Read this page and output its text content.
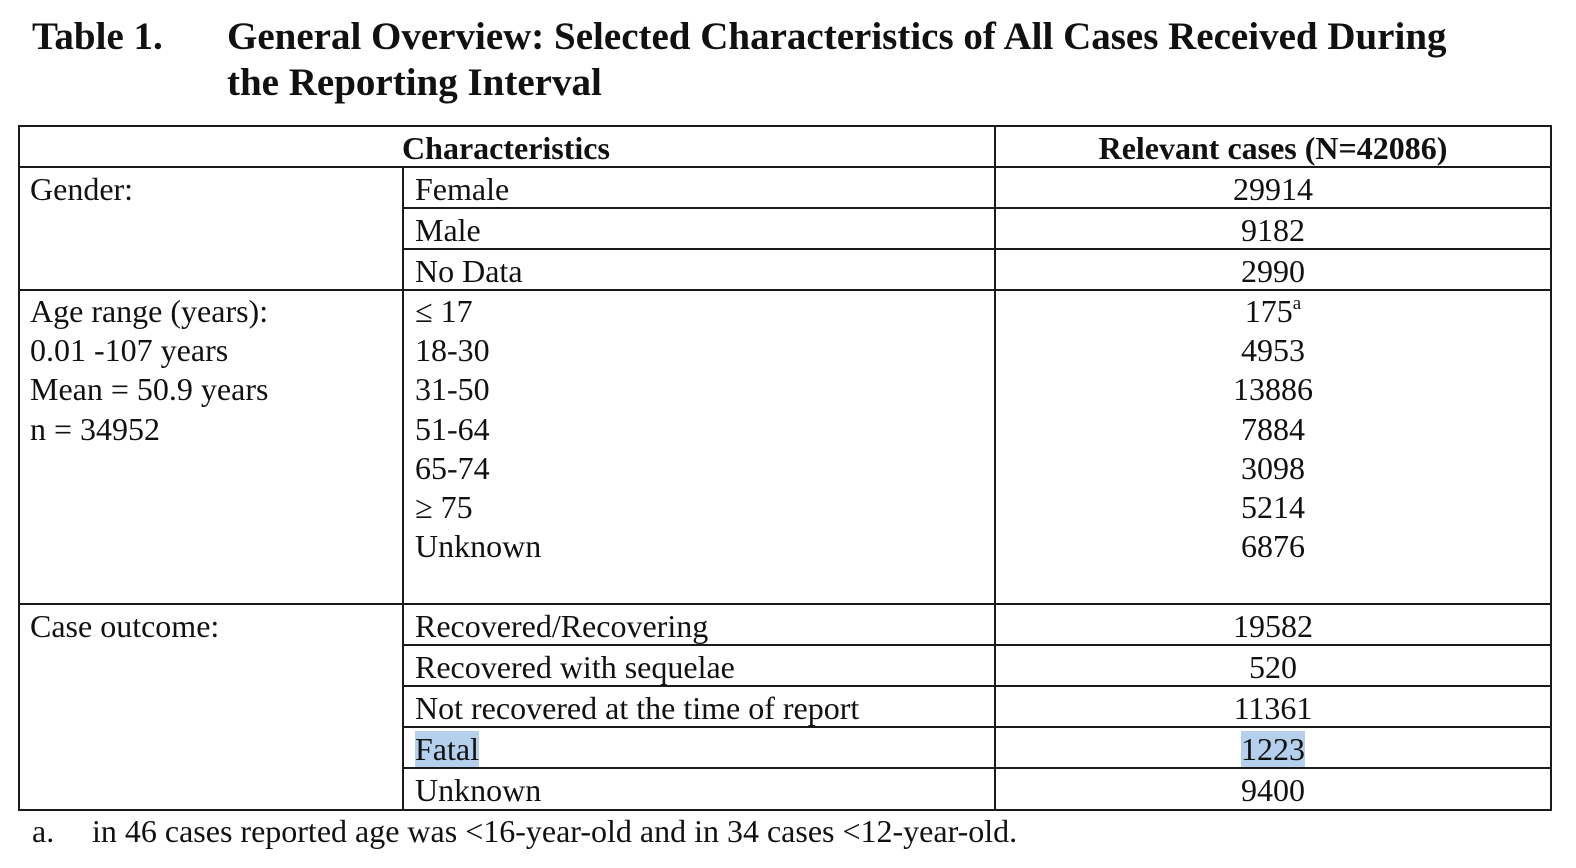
Table 1. General Overview: Selected Characteristics of All Cases Received During
the Reporting Interval
Characteristics	Relevant cases (N=42086)
Gender:	Female	29914
Male	9182
No Data	2990
Age range (years):
0.01 -107 years
Mean = 50.9 years
n = 34952
≤ 17	175$^a$
18-30	4953
31-50	13886
51-64	7884
65-74	3098
≥ 75	5214
Unknown	6876
Case outcome:	Recovered/Recovering	19582
Recovered with sequelae	520
Not recovered at the time of report	11361
Fatal	1223
Unknown	9400
a. in 46 cases reported age was <16-year-old and in 34 cases <12-year-old.
